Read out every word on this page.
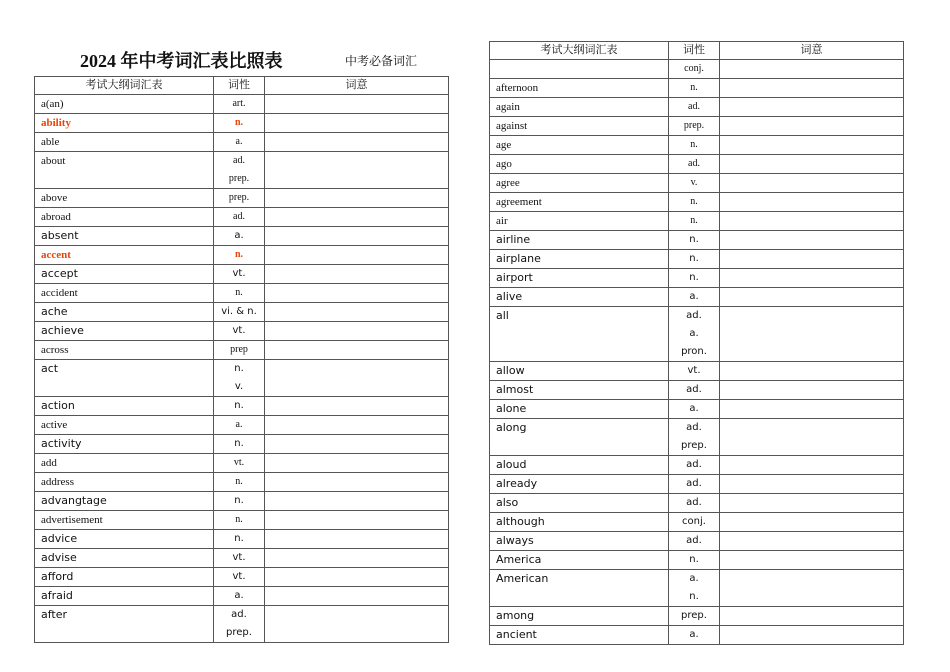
2024 年中考词汇表比照表	中考必备词汇
考试大纲词汇表	词性	词意
a(an)	art.
ability	n.
able	a.
about	ad.
prep.
above	prep.
abroad	ad.
absent	a.
accent	n.
accept	vt.
accident	n.
ache	vi. & n.
achieve	vt.
across	prep
act	n.
v.
action	n.
active	a.
activity	n.
add	vt.
address	n.
advangtage	n.
advertisement	n.
advice	n.
advise	vt.
afford	vt.
afraid	a.
after	ad.
prep.
考试大纲词汇表	词性	词意
conj.
afternoon	n.
again	ad.
against	prep.
age	n.
ago	ad.
agree	v.
agreement	n.
air	n.
airline	n.
airplane	n.
airport	n.
alive	a.
all	ad.
a.
pron.
allow	vt.
almost	ad.
alone	a.
along	ad.
prep.
aloud	ad.
already	ad.
also	ad.
although	conj.
always	ad.
America	n.
American	a.
n.
among	prep.
ancient	a.
